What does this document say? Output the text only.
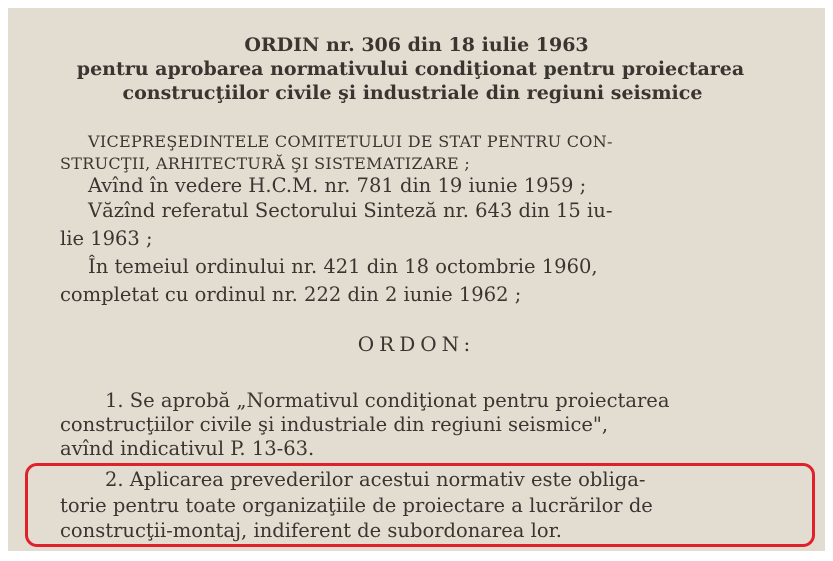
ORDIN nr. 306 din 18 iulie 1963
pentru aprobarea normativului condiţionat pentru proiectarea
construcţiilor civile şi industriale din regiuni seismice
VICEPREŞEDINTELE COMITETULUI DE STAT PENTRU CON-
STRUCŢII, ARHITECTURĂ ŞI SISTEMATIZARE ;
Avînd în vedere H.C.M. nr. 781 din 19 iunie 1959 ;
Văzînd referatul Sectorului Sinteză nr. 643 din 15 iu-
lie 1963 ;
În temeiul ordinului nr. 421 din 18 octombrie 1960,
completat cu ordinul nr. 222 din 2 iunie 1962 ;
ORDON:
1. Se aprobă „Normativul condiţionat pentru proiectarea
construcţiilor civile şi industriale din regiuni seismice",
avînd indicativul P. 13-63.
2. Aplicarea prevederilor acestui normativ este obliga-
torie pentru toate organizaţiile de proiectare a lucrărilor de
construcţii-montaj, indiferent de subordonarea lor.
